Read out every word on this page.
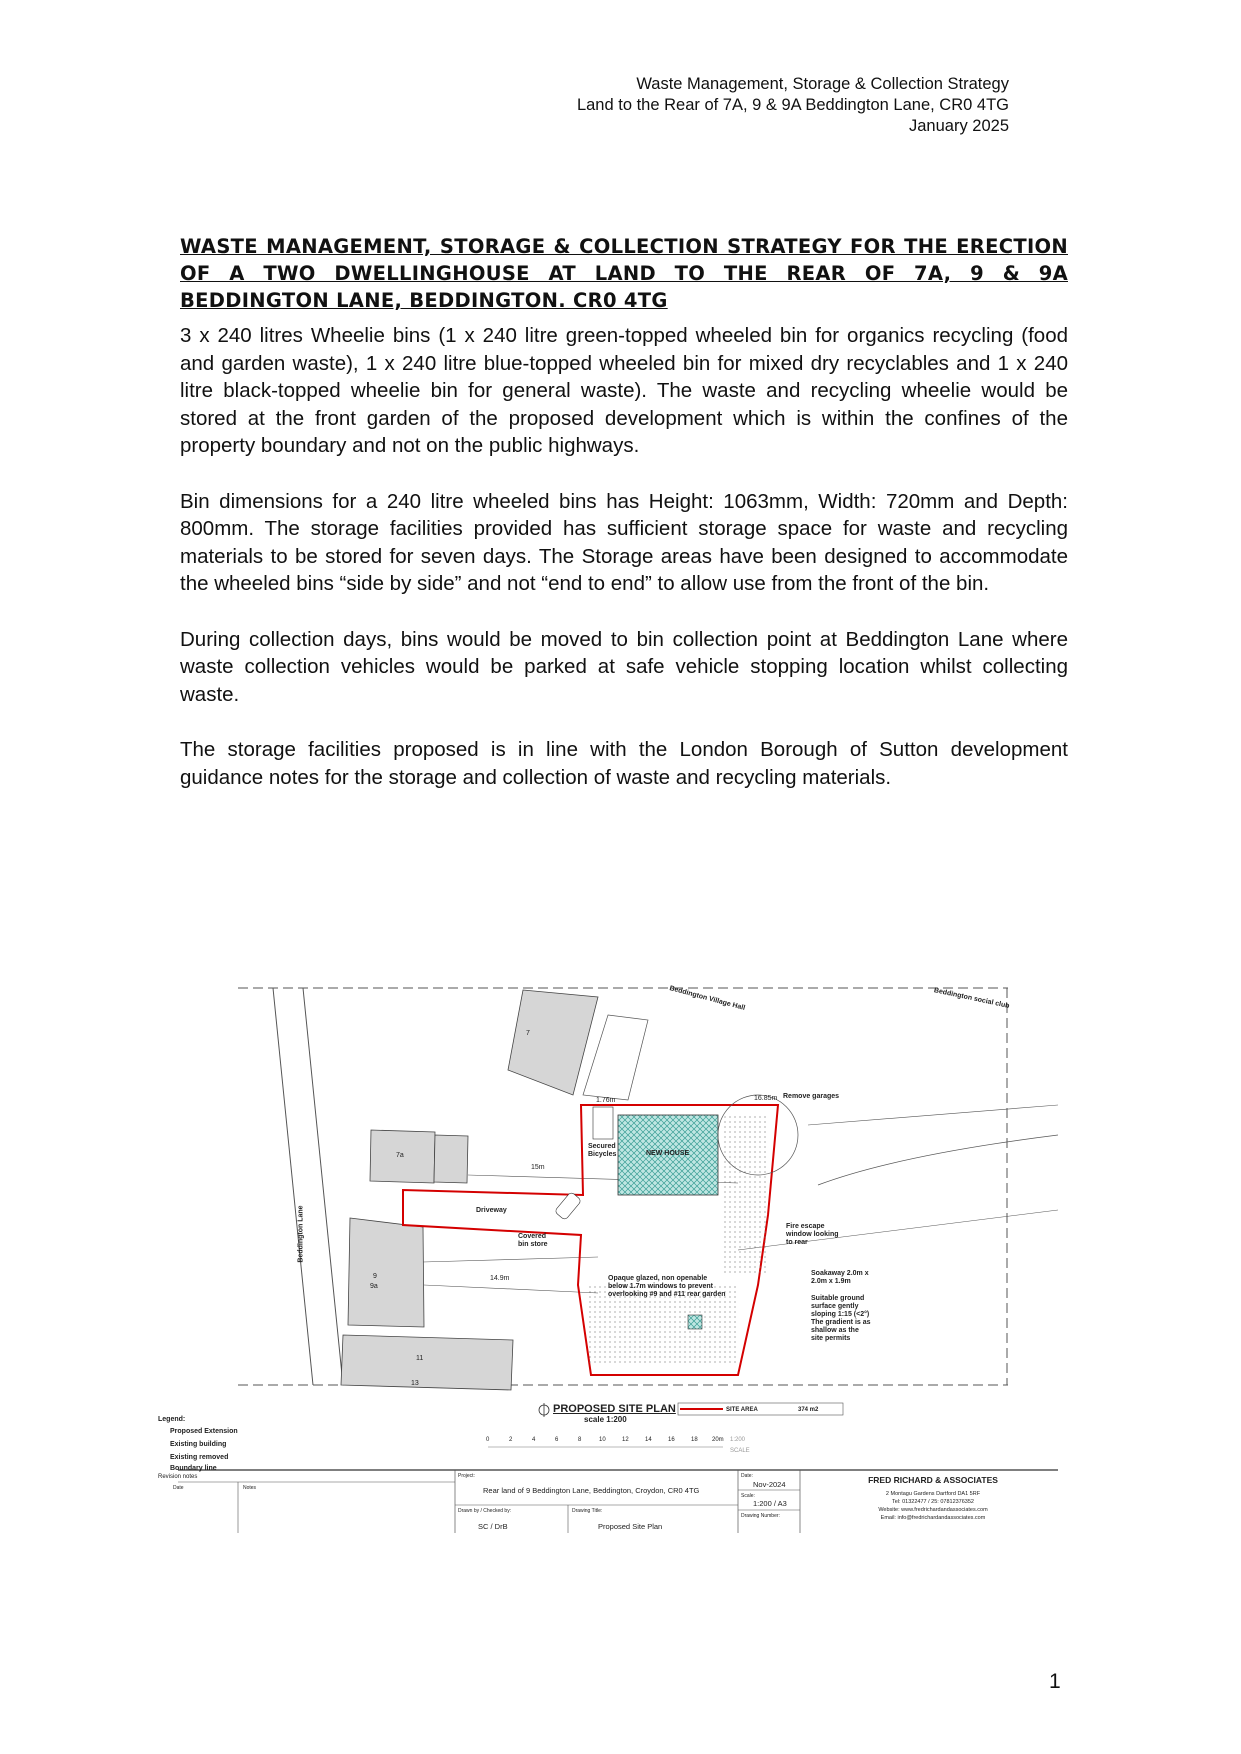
Waste Management, Storage & Collection Strategy
Land to the Rear of 7A, 9 & 9A Beddington Lane, CR0 4TG
January 2025
WASTE MANAGEMENT, STORAGE & COLLECTION STRATEGY FOR THE ERECTION OF A TWO DWELLINGHOUSE AT LAND TO THE REAR OF 7A, 9 & 9A BEDDINGTON LANE, BEDDINGTON. CR0 4TG

3 x 240 litres Wheelie bins (1 x 240 litre green-topped wheeled bin for organics recycling (food and garden waste), 1 x 240 litre blue-topped wheeled bin for mixed dry recyclables and 1 x 240 litre black-topped wheelie bin for general waste). The waste and recycling wheelie would be stored at the front garden of the proposed development which is within the confines of the property boundary and not on the public highways.

Bin dimensions for a 240 litre wheeled bins has Height: 1063mm, Width: 720mm and Depth: 800mm. The storage facilities provided has sufficient storage space for waste and recycling materials to be stored for seven days. The Storage areas have been designed to accommodate the wheeled bins “side by side” and not “end to end” to allow use from the front of the bin.

During collection days, bins would be moved to bin collection point at Beddington Lane where waste collection vehicles would be parked at safe vehicle stopping location whilst collecting waste.

The storage facilities proposed is in line with the London Borough of Sutton development guidance notes for the storage and collection of waste and recycling materials.

Beddington Village Hall	Beddington social club
Remove garages
Beddington Lane	Driveway
Covered bin store
Secured Bicycles	NEW HOUSE
Fire escape window looking to rear
Opaque glazed, non openable below 1.7m windows to prevent overlooking #9 and #11 rear garden
Soakaway 2.0m x 2.0m x 1.9m
Suitable ground surface gently sloping 1:15 (<2°) The gradient is as shallow as the site permits
7
7a
9
9a
11
13
15m
16.85m
14.9m
1.76m
Legend:
Proposed Extension
Existing building
Existing removed
Boundary line
PROPOSED SITE PLAN
scale 1:200
SITE AREA	374 m2
0	2	4	6	8	10	12	14	16	18 20m 1:200
SCALE
Revision notes
Date	Notes
Project:
Rear land of 9 Beddington Lane, Beddington, Croydon, CR0 4TG
Drawn by / Checked by:
SC / DrB
Drawing Title:
Proposed Site Plan
Date:
Nov-2024
Scale:
1:200 / A3
Drawing Number:
FRED RICHARD & ASSOCIATES
2 Montagu Gardens Dartford DA1 5RF
Tel: 01322477 / 25: 07812376352
Website: www.fredrichardandassociates.com
Email: info@fredrichardandassociates.com
1
